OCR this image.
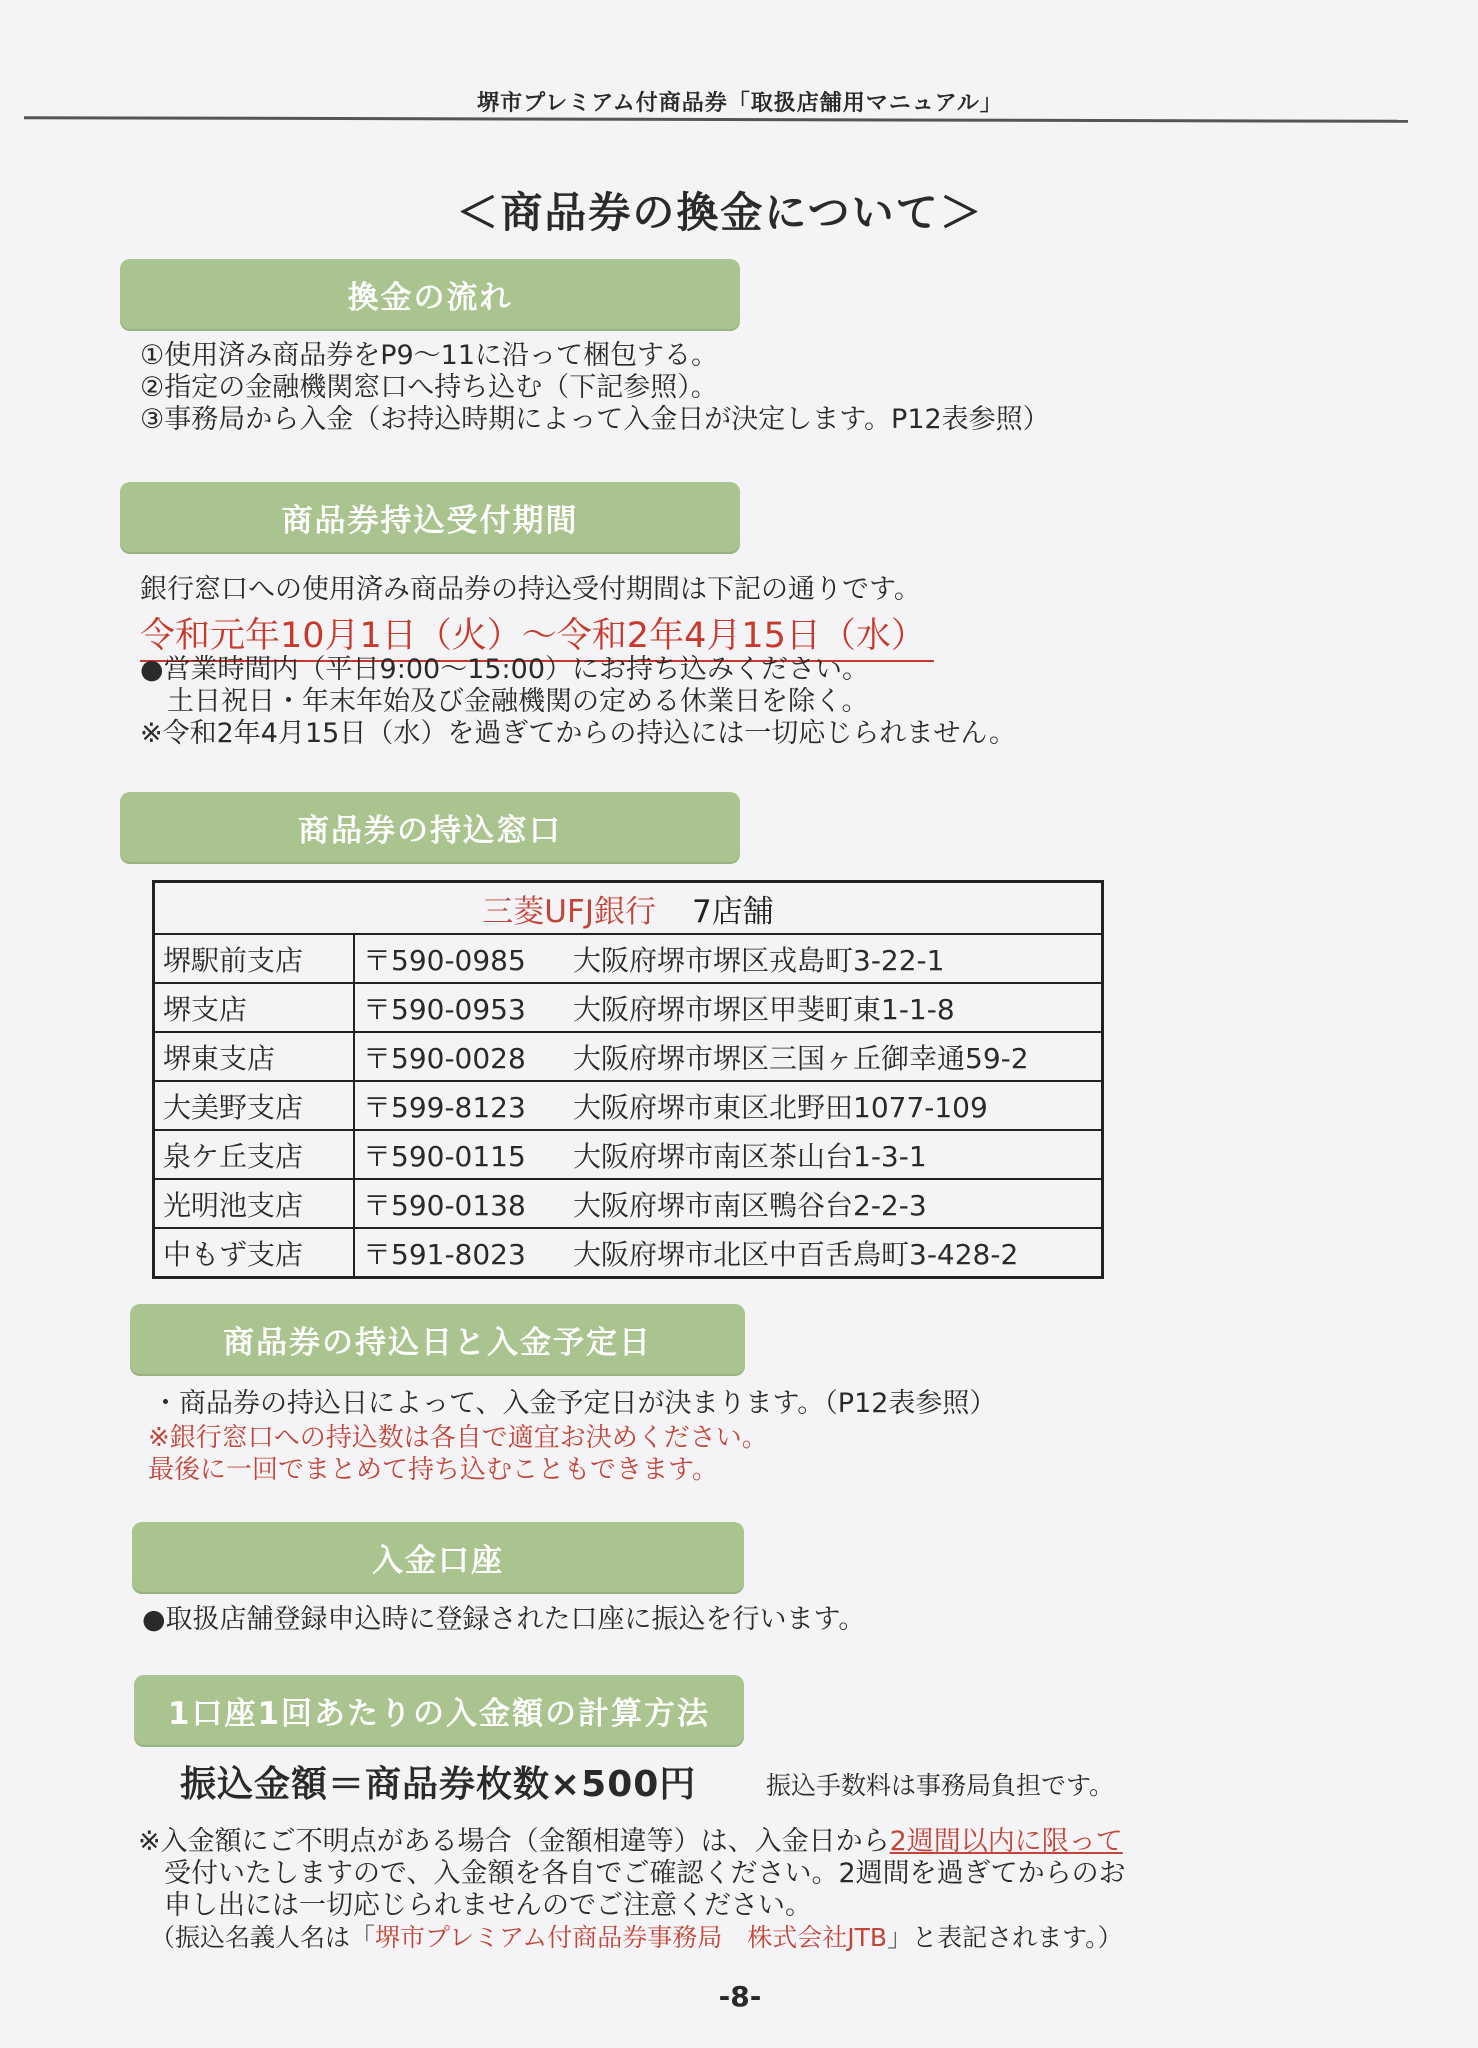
堺市プレミアム付商品券「取扱店舗用マニュアル」
＜商品券の換金について＞
換金の流れ
①使用済み商品券をP9～11に沿って梱包する。
②指定の金融機関窓口へ持ち込む（下記参照）。
③事務局から入金（お持込時期によって入金日が決定します。P12表参照）
商品券持込受付期間
銀行窓口への使用済み商品券の持込受付期間は下記の通りです。
令和元年10月1日（火）～令和2年4月15日（水）
●営業時間内（平日9:00～15:00）にお持ち込みください。
　土日祝日・年末年始及び金融機関の定める休業日を除く。
※令和2年4月15日（水）を過ぎてからの持込には一切応じられません。
商品券の持込窓口
三菱UFJ銀行 7店舗	
堺駅前支店	〒590-0985 大阪府堺市堺区戎島町3-22-1
堺支店	〒590-0953 大阪府堺市堺区甲斐町東1-1-8
堺東支店	〒590-0028 大阪府堺市堺区三国ヶ丘御幸通59-2
大美野支店	〒599-8123 大阪府堺市東区北野田1077-109
泉ケ丘支店	〒590-0115 大阪府堺市南区茶山台1-3-1
光明池支店	〒590-0138 大阪府堺市南区鴨谷台2-2-3
中もず支店	〒591-8023 大阪府堺市北区中百舌鳥町3-428-2
商品券の持込日と入金予定日
・商品券の持込日によって、入金予定日が決まります。（P12表参照）
※銀行窓口への持込数は各自で適宜お決めください。
最後に一回でまとめて持ち込むこともできます。
入金口座
●取扱店舗登録申込時に登録された口座に振込を行います。
1口座1回あたりの入金額の計算方法
振込金額＝商品券枚数×500円	振込手数料は事務局負担です。
※入金額にご不明点がある場合（金額相違等）は、入金日から2週間以内に限って
受付いたしますので、入金額を各自でご確認ください。2週間を過ぎてからのお
申し出には一切応じられませんのでご注意ください。
（振込名義人名は「堺市プレミアム付商品券事務局　株式会社JTB」と表記されます。）
-8-
